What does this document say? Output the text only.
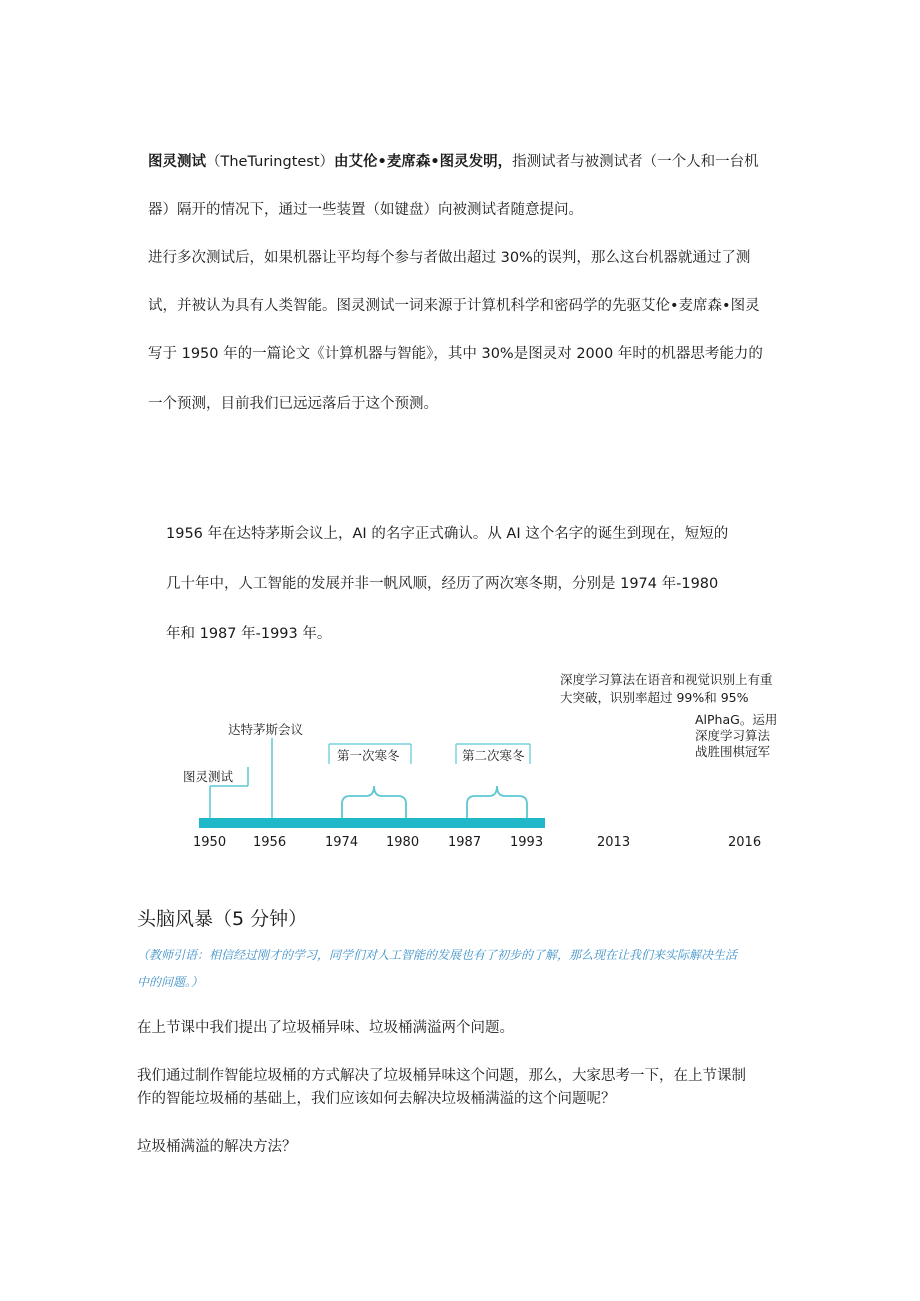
图灵测试（TheTuringtest）由艾伦•麦席森•图灵发明，指测试者与被测试者（一个人和一台机
器）隔开的情况下，通过一些装置（如键盘）向被测试者随意提问。
进行多次测试后，如果机器让平均每个参与者做出超过 30%的误判，那么这台机器就通过了测
试，并被认为具有人类智能。图灵测试一词来源于计算机科学和密码学的先驱艾伦•麦席森•图灵
写于 1950 年的一篇论文《计算机器与智能》，其中 30%是图灵对 2000 年时的机器思考能力的
一个预测，目前我们已远远落后于这个预测。
1956 年在达特茅斯会议上，AI 的名字正式确认。从 AI 这个名字的诞生到现在，短短的
几十年中，人工智能的发展并非一帆风顺，经历了两次寒冬期，分别是 1974 年-1980
年和 1987 年-1993 年。
图灵测试
达特茅斯会议
第一次寒冬	第二次寒冬
深度学习算法在语音和视觉识别上有重
大突破，识别率超过 99%和 95%
AlPhaG。运用
深度学习算法
战胜围棋冠军
1950 1956	1974 1980 1987 1993	2013	2016
头脑风暴（5 分钟）
（教师引语：相信经过刚才的学习，同学们对人工智能的发展也有了初步的了解，那么现在让我们来实际解决生活
中的问题。）
在上节课中我们提出了垃圾桶异味、垃圾桶满溢两个问题。
我们通过制作智能垃圾桶的方式解决了垃圾桶异味这个问题，那么，大家思考一下，在上节课制
作的智能垃圾桶的基础上，我们应该如何去解决垃圾桶满溢的这个问题呢？
垃圾桶满溢的解决方法？
